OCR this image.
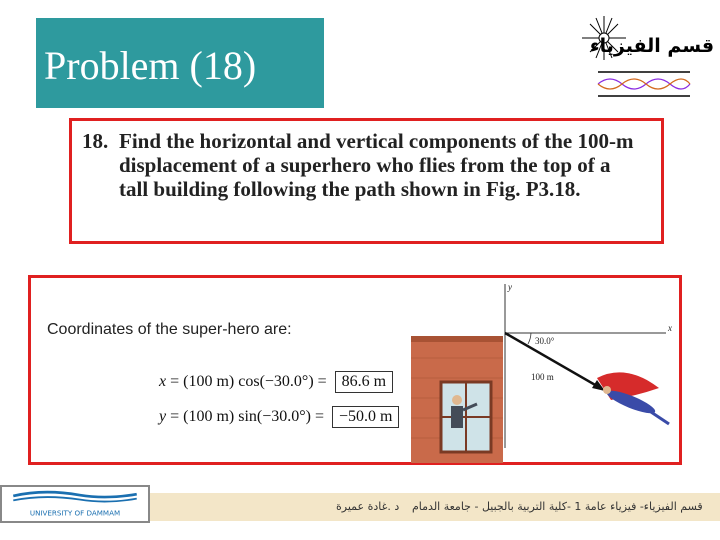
Problem (18)	قسم الفيزياء
18. Find the horizontal and vertical components of the 100-m
displacement of a superhero who flies from the top of a
tall building following the path shown in Fig. P3.18.
Coordinates of the super-hero are:
x = (100 m) cos(−30.0°) = 86.6 m
y = (100 m) sin(−30.0°) = −50.0 m
y
x
30.0°
100 m
UNIVERSITY OF DAMMAM
د .غادة عميرة قسم الفيزياء- فيزياء عامة 1 -كلية التربية بالجبيل - جامعة الدمام
